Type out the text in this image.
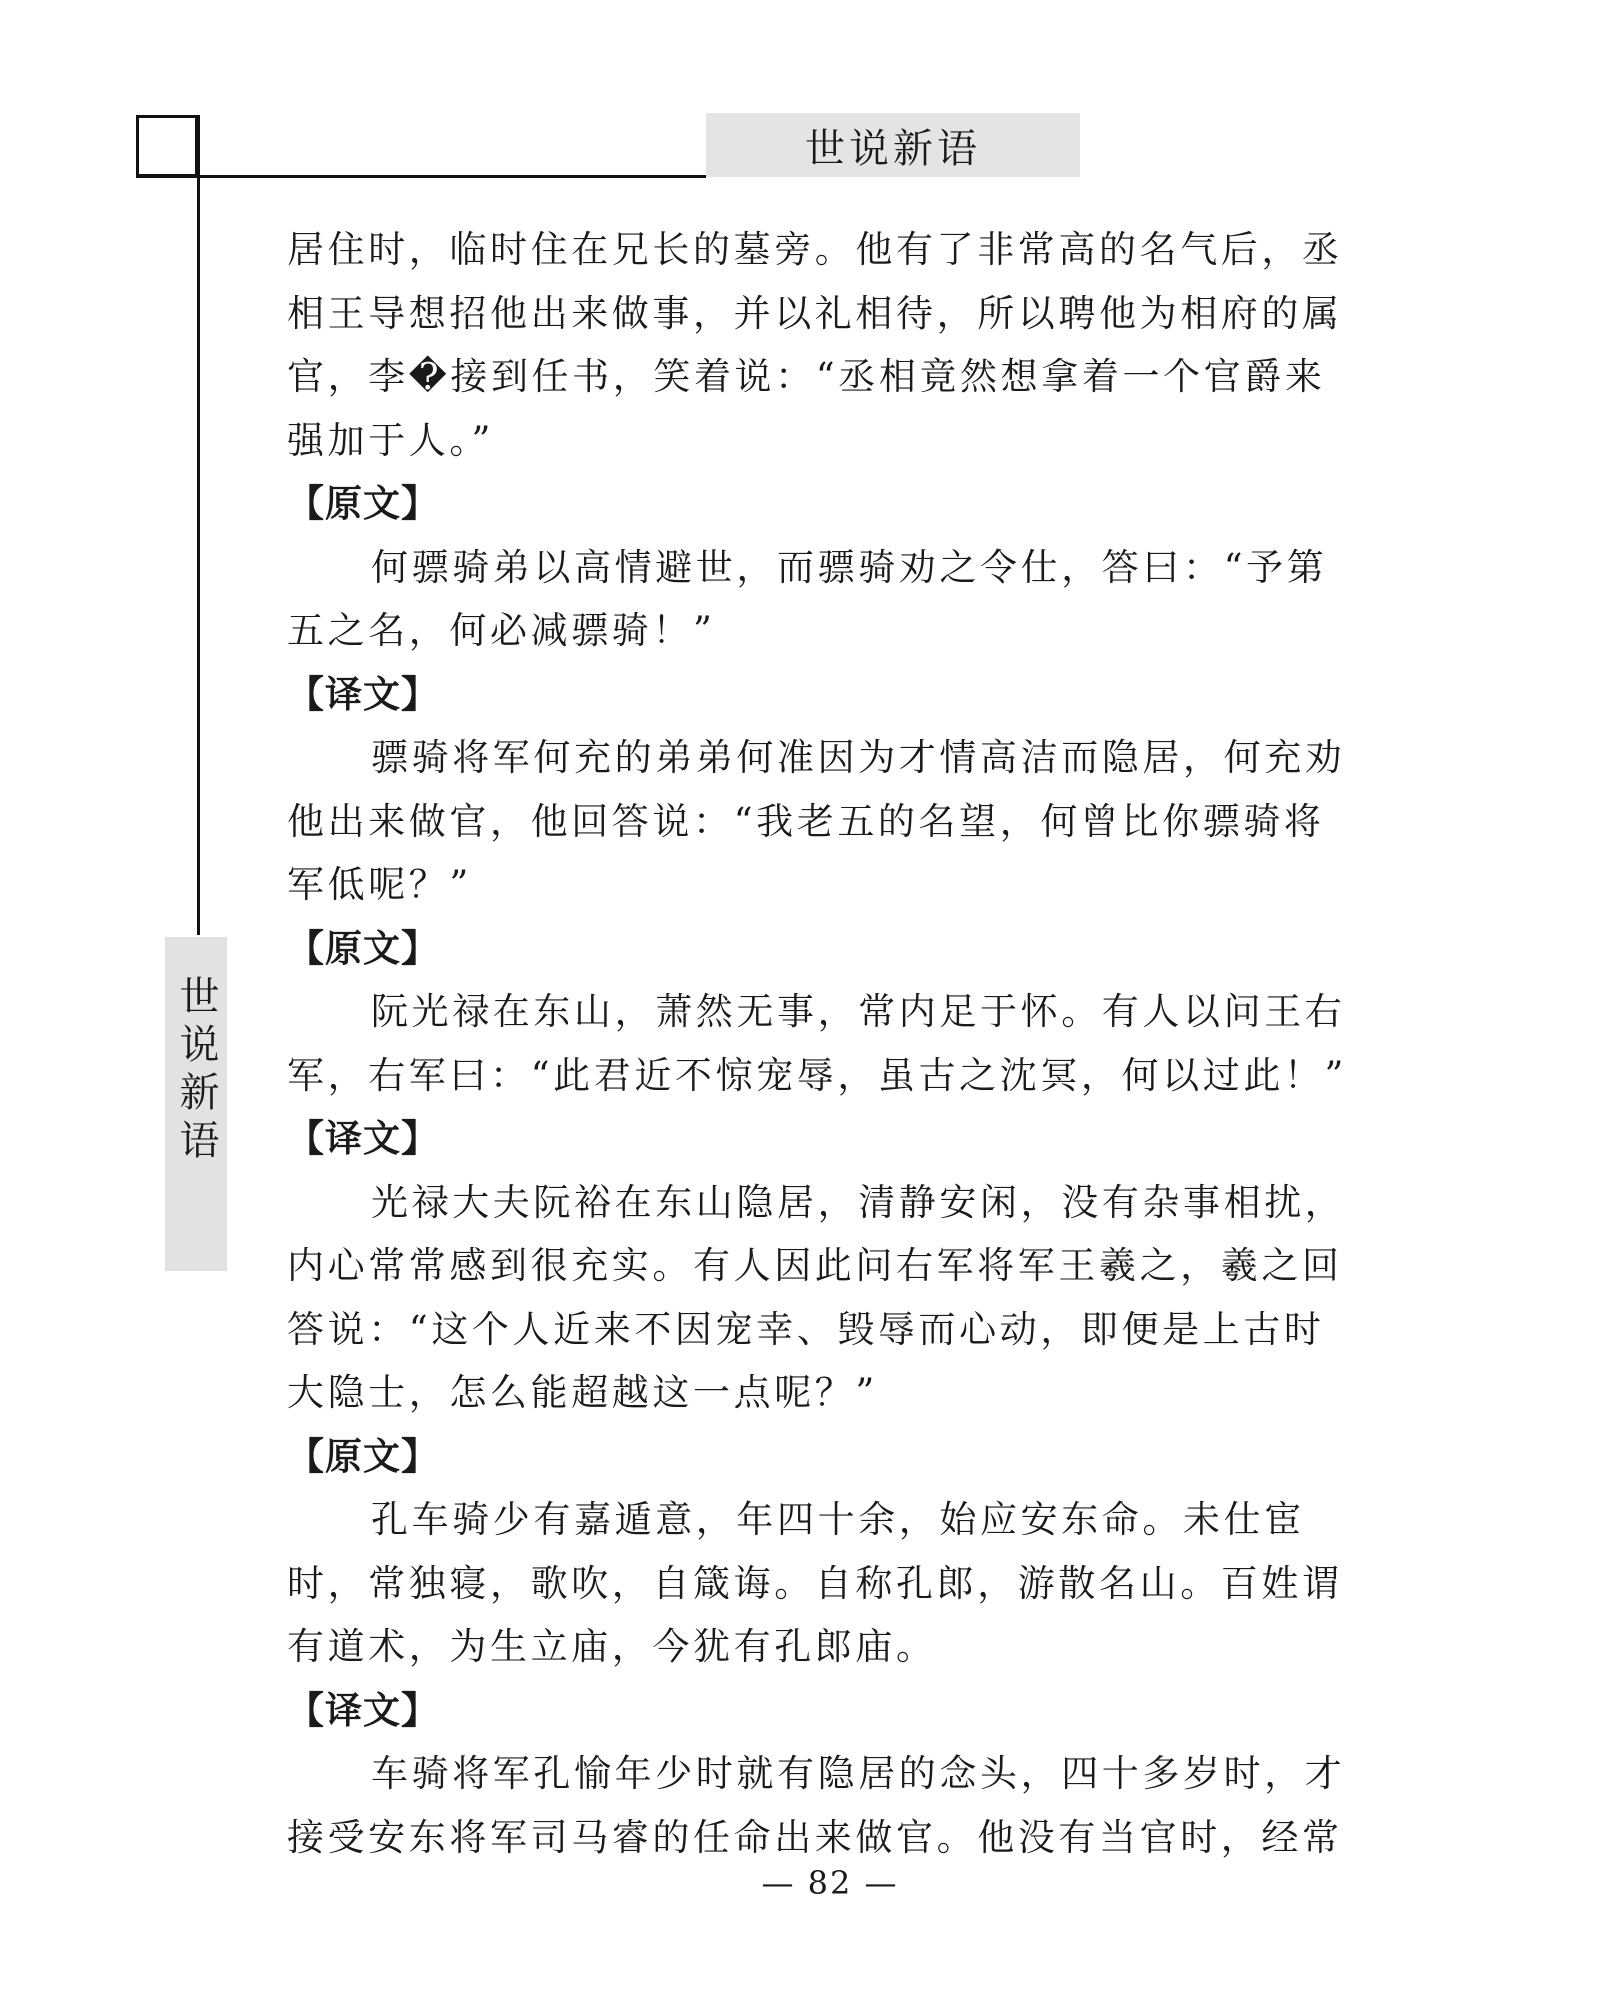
世说新语
世说新语

居住时，临时住在兄长的墓旁。他有了非常高的名气后，丞

相王导想招他出来做事，并以礼相待，所以聘他为相府的属

官，李�接到任书，笑着说：“丞相竟然想拿着一个官爵来

强加于人。”

【原文】

何骠骑弟以高情避世，而骠骑劝之令仕，答曰：“予第

五之名，何必减骠骑！”

【译文】

骠骑将军何充的弟弟何准因为才情高洁而隐居，何充劝

他出来做官，他回答说：“我老五的名望，何曾比你骠骑将

军低呢？”

【原文】

阮光禄在东山，萧然无事，常内足于怀。有人以问王右

军，右军曰：“此君近不惊宠辱，虽古之沈冥，何以过此！”

【译文】

光禄大夫阮裕在东山隐居，清静安闲，没有杂事相扰，

内心常常感到很充实。有人因此问右军将军王羲之，羲之回

答说：“这个人近来不因宠幸、毁辱而心动，即便是上古时

大隐士，怎么能超越这一点呢？”

【原文】

孔车骑少有嘉遁意，年四十余，始应安东命。未仕宦

时，常独寝，歌吹，自箴诲。自称孔郎，游散名山。百姓谓

有道术，为生立庙，今犹有孔郎庙。

【译文】

车骑将军孔愉年少时就有隐居的念头，四十多岁时，才

接受安东将军司马睿的任命出来做官。他没有当官时，经常

— 82 —
